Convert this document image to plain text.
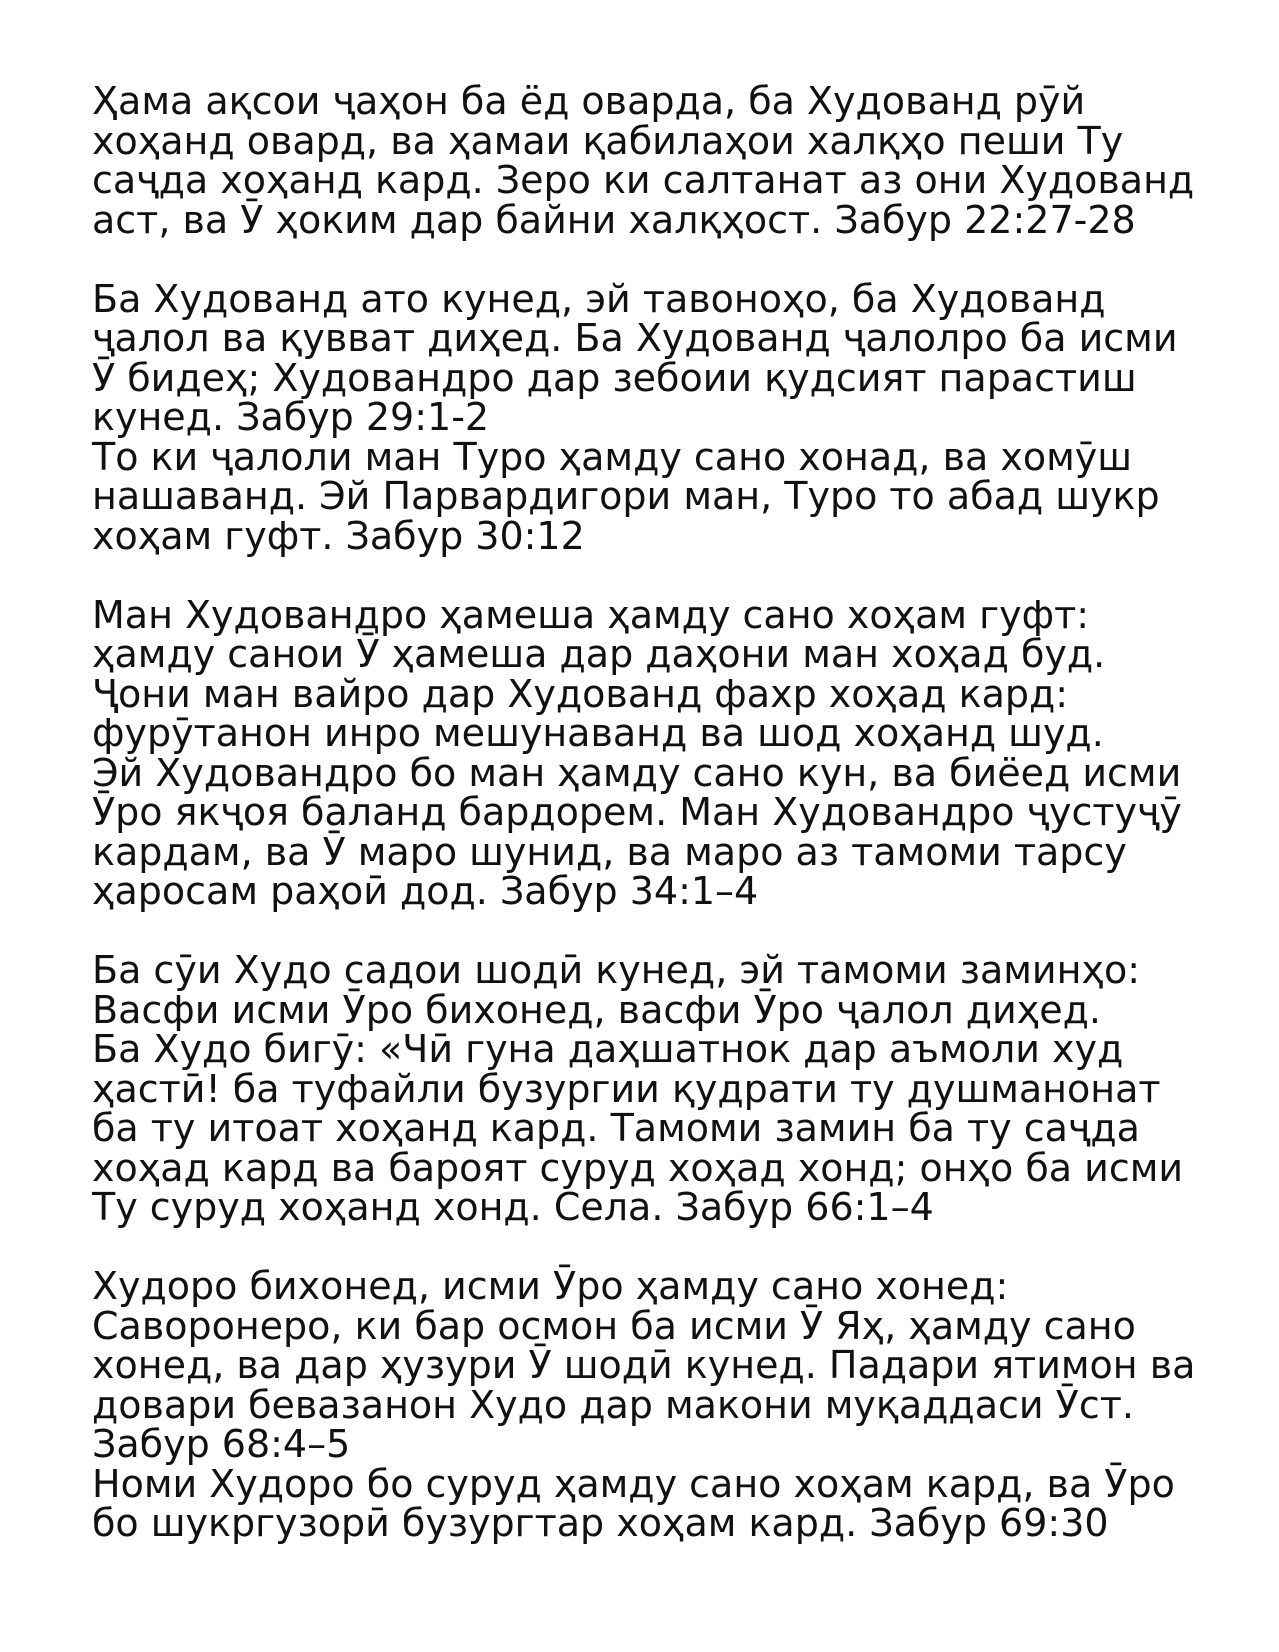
Ҳама ақсои ҷаҳон ба ёд оварда, ба Худованд рӯй
хоҳанд овард, ва ҳамаи қабилаҳои халқҳо пеши Ту
саҷда хоҳанд кард. Зеро ки салтанат аз они Худованд
аст, ва Ӯ ҳоким дар байни халқҳост. Забур 22:27-28
Ба Худованд ато кунед, эй тавоноҳо, ба Худованд
ҷалол ва қувват диҳед. Ба Худованд ҷалолро ба исми
Ӯ бидеҳ; Худовандро дар зебоии қудсият парастиш
кунед. Забур 29:1-2
То ки ҷалоли ман Туро ҳамду сано хонад, ва хомӯш
нашаванд. Эй Парвардигори ман, Туро то абад шукр
хоҳам гуфт. Забур 30:12
Ман Худовандро ҳамеша ҳамду сано хоҳам гуфт:
ҳамду санои Ӯ ҳамеша дар даҳони ман хоҳад буд.
Ҷони ман вайро дар Худованд фахр хоҳад кард:
фурӯтанон инро мешунаванд ва шод хоҳанд шуд.
Эй Худовандро бо ман ҳамду сано кун, ва биёед исми
Ӯро якҷоя баланд бардорем. Ман Худовандро ҷустуҷӯ
кардам, ва Ӯ маро шунид, ва маро аз тамоми тарсу
ҳаросам раҳоӣ дод. Забур 34:1–4
Ба сӯи Худо садои шодӣ кунед, эй тамоми заминҳо:
Васфи исми Ӯро бихонед, васфи Ӯро ҷалол диҳед.
Ба Худо бигӯ: «Чӣ гуна даҳшатнок дар аъмоли худ
ҳастӣ! ба туфайли бузургии қудрати ту душманонат
ба ту итоат хоҳанд кард. Тамоми замин ба ту саҷда
хоҳад кард ва бароят суруд хоҳад хонд; онҳо ба исми
Ту суруд хоҳанд хонд. Села. Забур 66:1–4
Худоро бихонед, исми Ӯро ҳамду сано хонед:
Саворонеро, ки бар осмон ба исми Ӯ Яҳ, ҳамду сано
хонед, ва дар ҳузури Ӯ шодӣ кунед. Падари ятимон ва
довари бевазанон Худо дар макони муқаддаси Ӯст.
Забур 68:4–5
Номи Худоро бо суруд ҳамду сано хоҳам кард, ва Ӯро
бо шукргузорӣ бузургтар хоҳам кард. Забур 69:30
